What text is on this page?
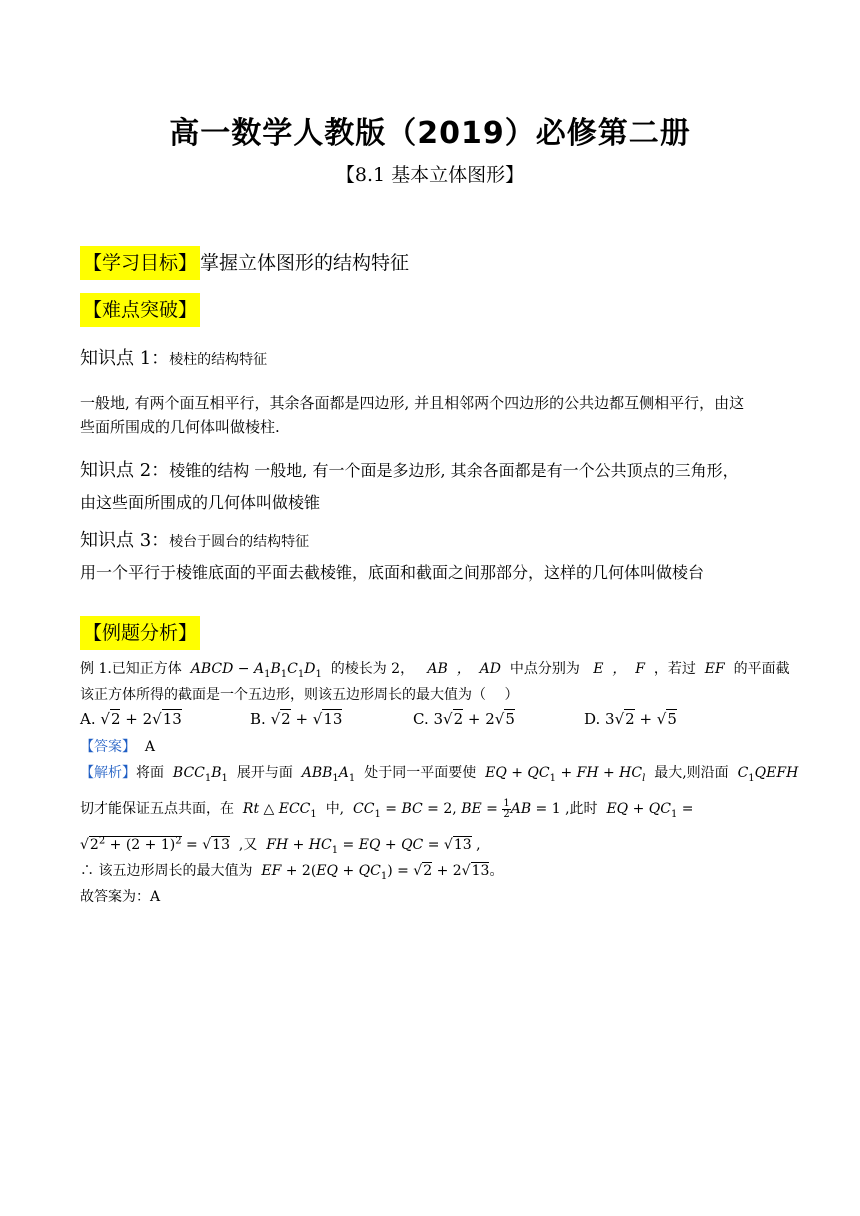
高一数学人教版（2019）必修第二册
【8.1 基本立体图形】
【学习目标】 掌握立体图形的结构特征
【难点突破】
知识点 1：棱柱的结构特征
一般地, 有两个面互相平行，其余各面都是四边形, 并且相邻两个四边形的公共边都互侧相平行，由这
些面所围成的几何体叫做棱柱.
知识点 2：棱锥的结构 一般地, 有一个面是多边形, 其余各面都是有一个公共顶点的三角形，
由这些面所围成的几何体叫做棱锥
知识点 3：棱台于圆台的结构特征
用一个平行于棱锥底面的平面去截棱锥，底面和截面之间那部分，这样的几何体叫做棱台
【例题分析】
例 1.已知正方体  ABCD − $A_1B_1C_1D_1$ 的棱长为 2，   AB  ，  AD  中点分别为   E  ，  F  ，若过  EF  的平面截
该正方体所得的截面是一个五边形，则该五边形周长的最大值为（　 ）
A. √2 + 2√13	B. √2 + √13	C. 3√2 + 2√5	D. 3√2 + √5
【答案】 A
【解析】将面  $BCC_1B_1$ 展开与面  $ABB_1A_1$ 处于同一平面要使  EQ + $QC_1$ + FH + $HC_l$ 最大,则沿面  $C_1QEFH$
切才能保证五点共面，在  Rt △ $ECC_1$ 中,  $CC_1$ = BC = 2, BE = $\frac{1}{2}$ AB = 1 ,此时  EQ + $QC_1$ =
$√2^2 + (2 + 1)^2 = √13$ ,又  FH + $HC_1$ = EQ + QC = √13 ,
∴ 该五边形周长的最大值为  EF + $2(EQ + QC_1) = √2 + 2√13$。
故答案为：A
